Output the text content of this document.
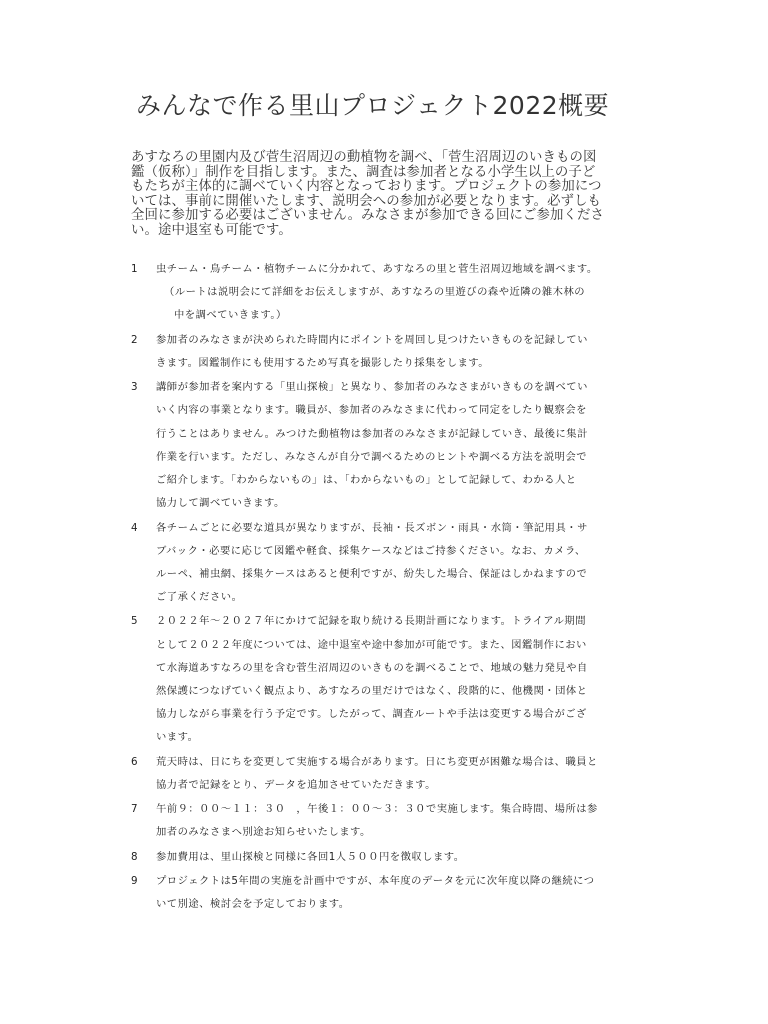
みんなで作る里山プロジェクト2022概要
あすなろの里園内及び菅生沼周辺の動植物を調べ、「菅生沼周辺のいきもの図
鑑（仮称）」制作を目指します。また、調査は参加者となる小学生以上の子ど
もたちが主体的に調べていく内容となっております。プロジェクトの参加につ
いては、事前に開催いたします、説明会への参加が必要となります。必ずしも
全回に参加する必要はございません。みなさまが参加できる回にご参加くださ
い。途中退室も可能です。
1	虫チーム・鳥チーム・植物チームに分かれて、あすなろの里と菅生沼周辺地域を調べます。
（ルートは説明会にて詳細をお伝えしますが、あすなろの里遊びの森や近隣の雑木林の
中を調べていきます。）
2	参加者のみなさまが決められた時間内にポイントを周回し見つけたいきものを記録してい
きます。図鑑制作にも使用するため写真を撮影したり採集をします。
3	講師が参加者を案内する「里山探検」と異なり、参加者のみなさまがいきものを調べてい
いく内容の事業となります。職員が、参加者のみなさまに代わって同定をしたり観察会を
行うことはありません。みつけた動植物は参加者のみなさまが記録していき、最後に集計
作業を行います。ただし、みなさんが自分で調べるためのヒントや調べる方法を説明会で
ご紹介します。「わからないもの」は、「わからないもの」として記録して、わかる人と
協力して調べていきます。
4	各チームごとに必要な道具が異なりますが、長袖・長ズボン・雨具・水筒・筆記用具・サ
ブバック・必要に応じて図鑑や軽食、採集ケースなどはご持参ください。なお、カメラ、
ルーペ、補虫網、採集ケースはあると便利ですが、紛失した場合、保証はしかねますので
ご了承ください。
5	２０２２年〜２０２７年にかけて記録を取り続ける長期計画になります。トライアル期間
として２０２２年度については、途中退室や途中参加が可能です。また、図鑑制作におい
て水海道あすなろの里を含む菅生沼周辺のいきものを調べることで、地域の魅力発見や自
然保護につなげていく観点より、あすなろの里だけではなく、段階的に、他機関・団体と
協力しながら事業を行う予定です。したがって、調査ルートや手法は変更する場合がござ
います。
6	荒天時は、日にちを変更して実施する場合があります。日にち変更が困難な場合は、職員と
協力者で記録をとり、データを追加させていただきます。
7	午前９：００〜１１：３０　，午後１：００〜３：３０で実施します。集合時間、場所は参
加者のみなさまへ別途お知らせいたします。
8	参加費用は、里山探検と同様に各回1人５００円を徴収します。
9	プロジェクトは5年間の実施を計画中ですが、本年度のデータを元に次年度以降の継続につ
いて別途、検討会を予定しております。
